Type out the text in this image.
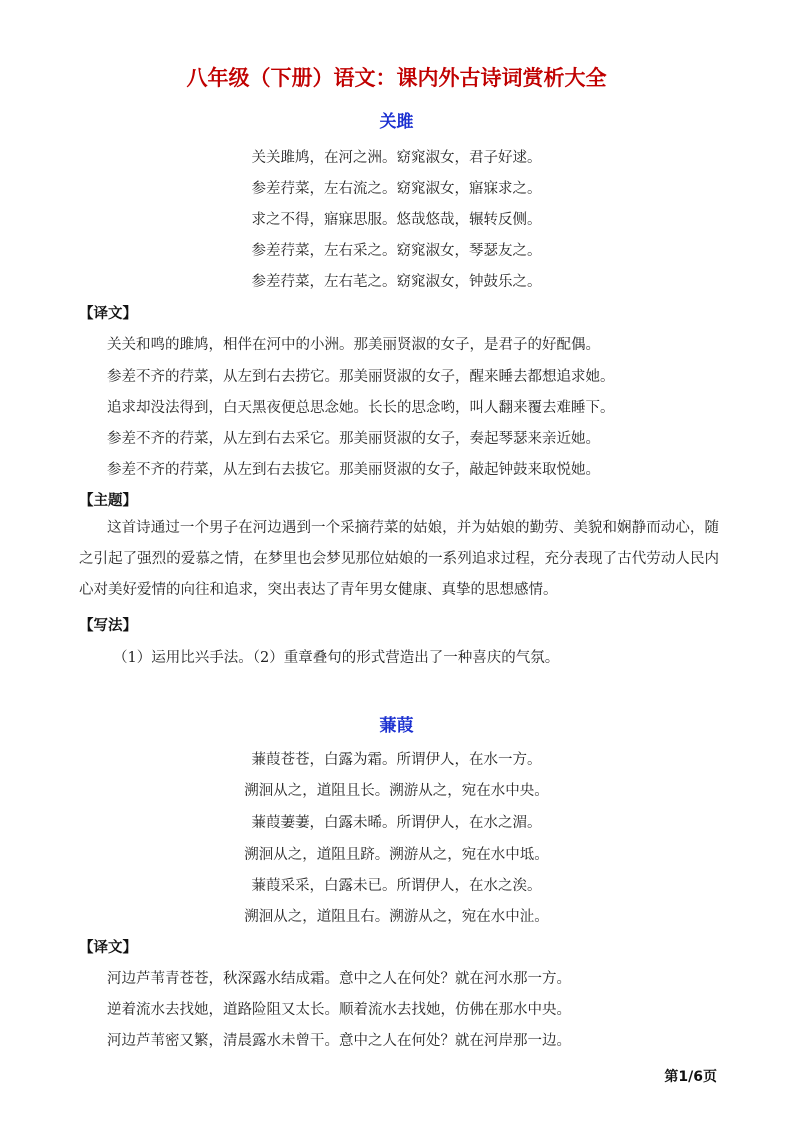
八年级（下册）语文：课内外古诗词赏析大全
关雎
关关雎鸠，在河之洲。窈窕淑女，君子好逑。
参差荇菜，左右流之。窈窕淑女，寤寐求之。
求之不得，寤寐思服。悠哉悠哉，辗转反侧。
参差荇菜，左右采之。窈窕淑女，琴瑟友之。
参差荇菜，左右芼之。窈窕淑女，钟鼓乐之。
【译文】
关关和鸣的雎鸠，相伴在河中的小洲。那美丽贤淑的女子，是君子的好配偶。
参差不齐的荇菜，从左到右去捞它。那美丽贤淑的女子，醒来睡去都想追求她。
追求却没法得到，白天黑夜便总思念她。长长的思念哟，叫人翻来覆去难睡下。
参差不齐的荇菜，从左到右去采它。那美丽贤淑的女子，奏起琴瑟来亲近她。
参差不齐的荇菜，从左到右去拔它。那美丽贤淑的女子，敲起钟鼓来取悦她。
【主题】
这首诗通过一个男子在河边遇到一个采摘荇菜的姑娘，并为姑娘的勤劳、美貌和娴静而动心，随之引起了强烈的爱慕之情，在梦里也会梦见那位姑娘的一系列追求过程，充分表现了古代劳动人民内心对美好爱情的向往和追求，突出表达了青年男女健康、真挚的思想感情。
【写法】
（1）运用比兴手法。（2）重章叠句的形式营造出了一种喜庆的气氛。
蒹葭
蒹葭苍苍，白露为霜。所谓伊人，在水一方。
溯洄从之，道阻且长。溯游从之，宛在水中央。
蒹葭萋萋，白露未晞。所谓伊人，在水之湄。
溯洄从之，道阻且跻。溯游从之，宛在水中坻。
蒹葭采采，白露未已。所谓伊人，在水之涘。
溯洄从之，道阻且右。溯游从之，宛在水中沚。
【译文】
河边芦苇青苍苍，秋深露水结成霜。意中之人在何处？就在河水那一方。
逆着流水去找她，道路险阻又太长。顺着流水去找她，仿佛在那水中央。
河边芦苇密又繁，清晨露水未曾干。意中之人在何处？就在河岸那一边。
第1/6页
